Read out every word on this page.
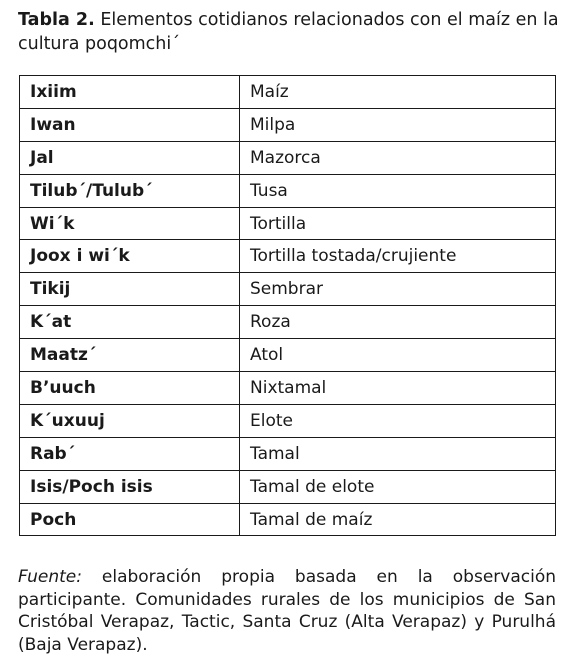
Tabla 2. Elementos cotidianos relacionados con el maíz en la cultura poqomchi´

Ixiim	Maíz
Iwan	Milpa
Jal	Mazorca
Tilub´/Tulub´	Tusa
Wi´k	Tortilla
Joox i wi´k	Tortilla tostada/crujiente
Tikij	Sembrar
K´at	Roza
Maatz´	Atol
B’uuch	Nixtamal
K´uxuuj	Elote
Rab´	Tamal
Isis/Poch isis	Tamal de elote
Poch	Tamal de maíz

Fuente: elaboración propia basada en la observación participante. Comunidades rurales de los municipios de San Cristóbal Verapaz, Tactic, Santa Cruz (Alta Verapaz) y Purulhá (Baja Verapaz).
